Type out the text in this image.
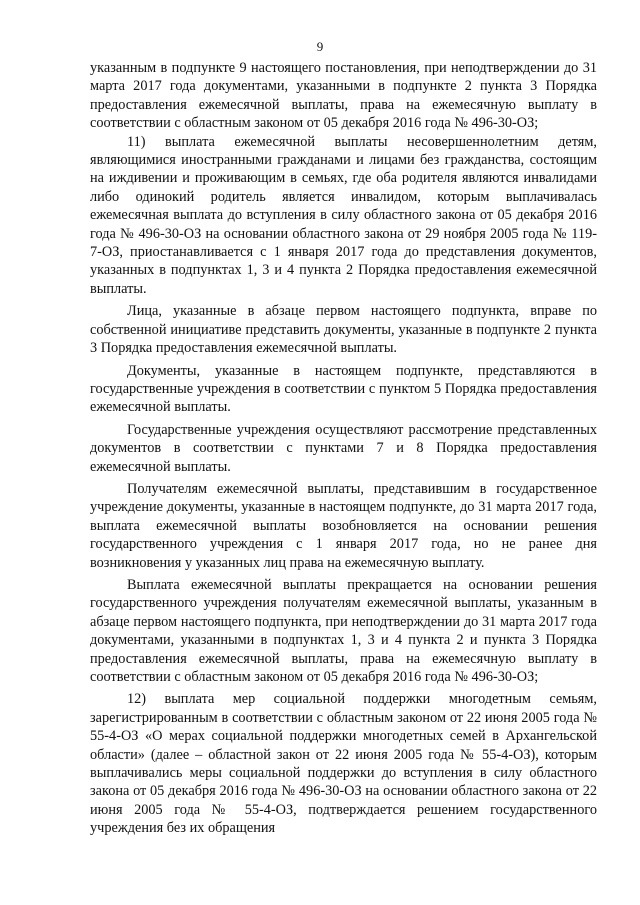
9

указанным в подпункте 9 настоящего постановления, при неподтверждении до 31 марта 2017 года документами, указанными в подпункте 2 пункта 3 Порядка предоставления ежемесячной выплаты, права на ежемесячную выплату в соответствии с областным законом от 05 декабря 2016 года № 496-30-ОЗ;

11) выплата ежемесячной выплаты несовершеннолетним детям, являющимися иностранными гражданами и лицами без гражданства, состоящим на иждивении и проживающим в семьях, где оба родителя являются инвалидами либо одинокий родитель является инвалидом, которым выплачивалась ежемесячная выплата до вступления в силу областного закона от 05 декабря 2016 года № 496-30-ОЗ на основании областного закона от 29 ноября 2005 года № 119-7-ОЗ, приостанавливается с 1 января 2017 года до представления документов, указанных в подпунктах 1, 3 и 4 пункта 2 Порядка предоставления ежемесячной выплаты.

Лица, указанные в абзаце первом настоящего подпункта, вправе по собственной инициативе представить документы, указанные в подпункте 2 пункта 3 Порядка предоставления ежемесячной выплаты.

Документы, указанные в настоящем подпункте, представляются в государственные учреждения в соответствии с пунктом 5 Порядка предоставления ежемесячной выплаты.

Государственные учреждения осуществляют рассмотрение представленных документов в соответствии с пунктами 7 и 8 Порядка предоставления ежемесячной выплаты.

Получателям ежемесячной выплаты, представившим в государственное учреждение документы, указанные в настоящем подпункте, до 31 марта 2017 года, выплата ежемесячной выплаты возобновляется на основании решения государственного учреждения с 1 января 2017 года, но не ранее дня возникновения у указанных лиц права на ежемесячную выплату.

Выплата ежемесячной выплаты прекращается на основании решения государственного учреждения получателям ежемесячной выплаты, указанным в абзаце первом настоящего подпункта, при неподтверждении до 31 марта 2017 года документами, указанными в подпунктах 1, 3 и 4 пункта 2 и пункта 3 Порядка предоставления ежемесячной выплаты, права на ежемесячную выплату в соответствии с областным законом от 05 декабря 2016 года № 496-30-ОЗ;

12) выплата мер социальной поддержки многодетным семьям, зарегистрированным в соответствии с областным законом от 22 июня 2005 года № 55-4-ОЗ «О мерах социальной поддержки многодетных семей в Архангельской области» (далее – областной закон от 22 июня 2005 года № 55-4-ОЗ), которым выплачивались меры социальной поддержки до вступления в силу областного закона от 05 декабря 2016 года № 496-30-ОЗ на основании областного закона от 22 июня 2005 года № 55-4-ОЗ, подтверждается решением государственного учреждения без их обращения
